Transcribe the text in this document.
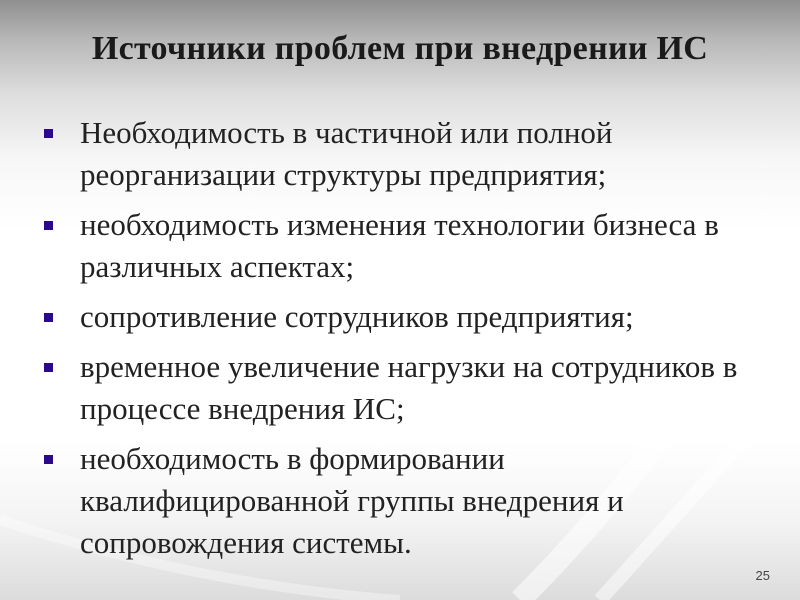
Источники проблем при внедрении ИС
Необходимость в частичной или полной реорганизации структуры предприятия;
необходимость изменения технологии бизнеса в различных аспектах;
сопротивление сотрудников предприятия;
временное увеличение нагрузки на сотрудников в процессе внедрения ИС;
необходимость в формировании квалифицированной группы внедрения и сопровождения системы.
25
